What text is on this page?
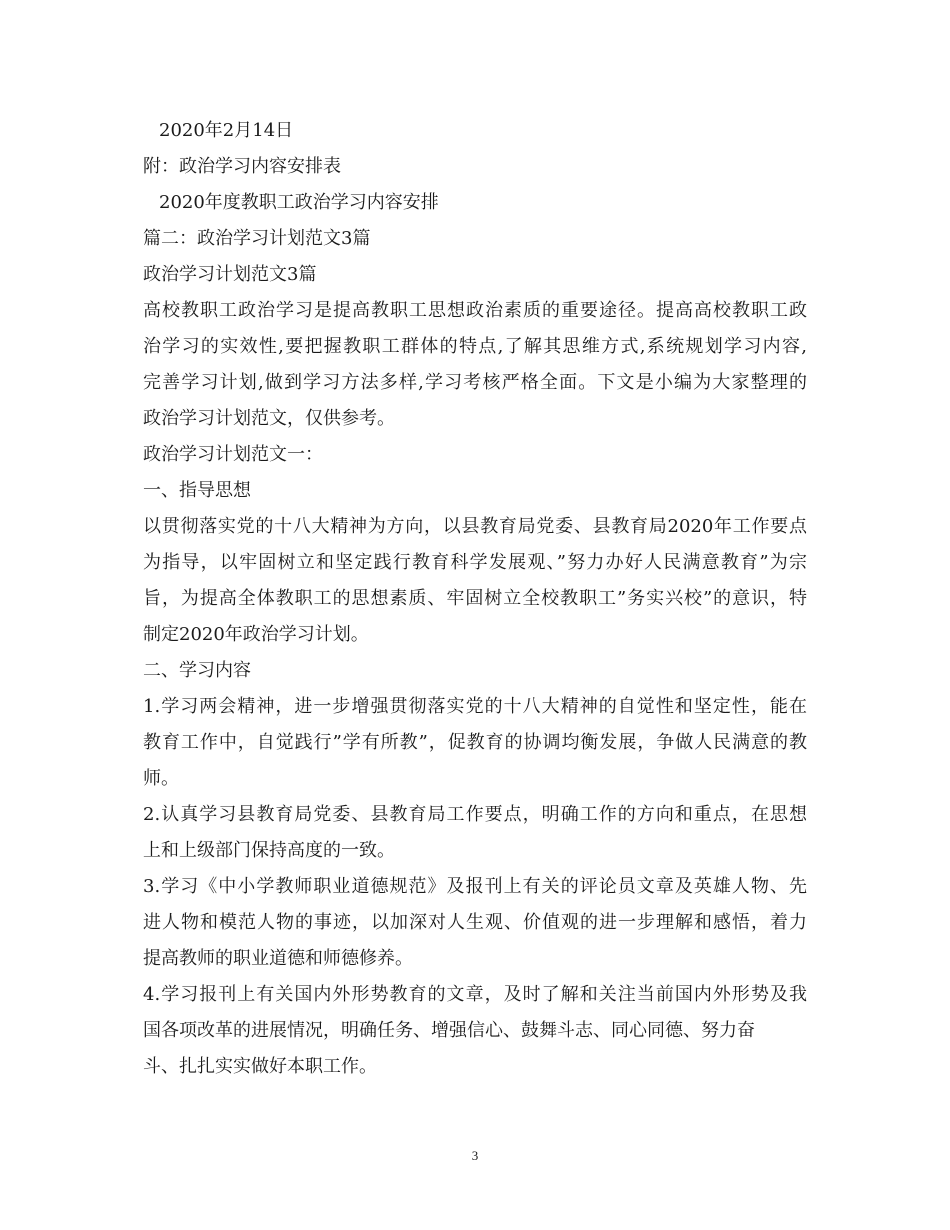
2020年2月14日
附：政治学习内容安排表
2020年度教职工政治学习内容安排
篇二：政治学习计划范文3篇
政治学习计划范文3篇
高校教职工政治学习是提高教职工思想政治素质的重要途径。提高高校教职工政
治学习的实效性,要把握教职工群体的特点,了解其思维方式,系统规划学习内容,
完善学习计划,做到学习方法多样,学习考核严格全面。下文是小编为大家整理的
政治学习计划范文，仅供参考。
政治学习计划范文一：
一、指导思想
以贯彻落实党的十八大精神为方向，以县教育局党委、县教育局2020年工作要点
为指导，以牢固树立和坚定践行教育科学发展观、”努力办好人民满意教育”为宗
旨，为提高全体教职工的思想素质、牢固树立全校教职工”务实兴校”的意识，特
制定2020年政治学习计划。
二、学习内容
1.学习两会精神，进一步增强贯彻落实党的十八大精神的自觉性和坚定性，能在
教育工作中，自觉践行”学有所教”，促教育的协调均衡发展，争做人民满意的教
师。
2.认真学习县教育局党委、县教育局工作要点，明确工作的方向和重点，在思想
上和上级部门保持高度的一致。
3.学习《中小学教师职业道德规范》及报刊上有关的评论员文章及英雄人物、先
进人物和模范人物的事迹，以加深对人生观、价值观的进一步理解和感悟，着力
提高教师的职业道德和师德修养。
4.学习报刊上有关国内外形势教育的文章，及时了解和关注当前国内外形势及我
国各项改革的进展情况，明确任务、增强信心、鼓舞斗志、同心同德、努力奋
斗、扎扎实实做好本职工作。
3
